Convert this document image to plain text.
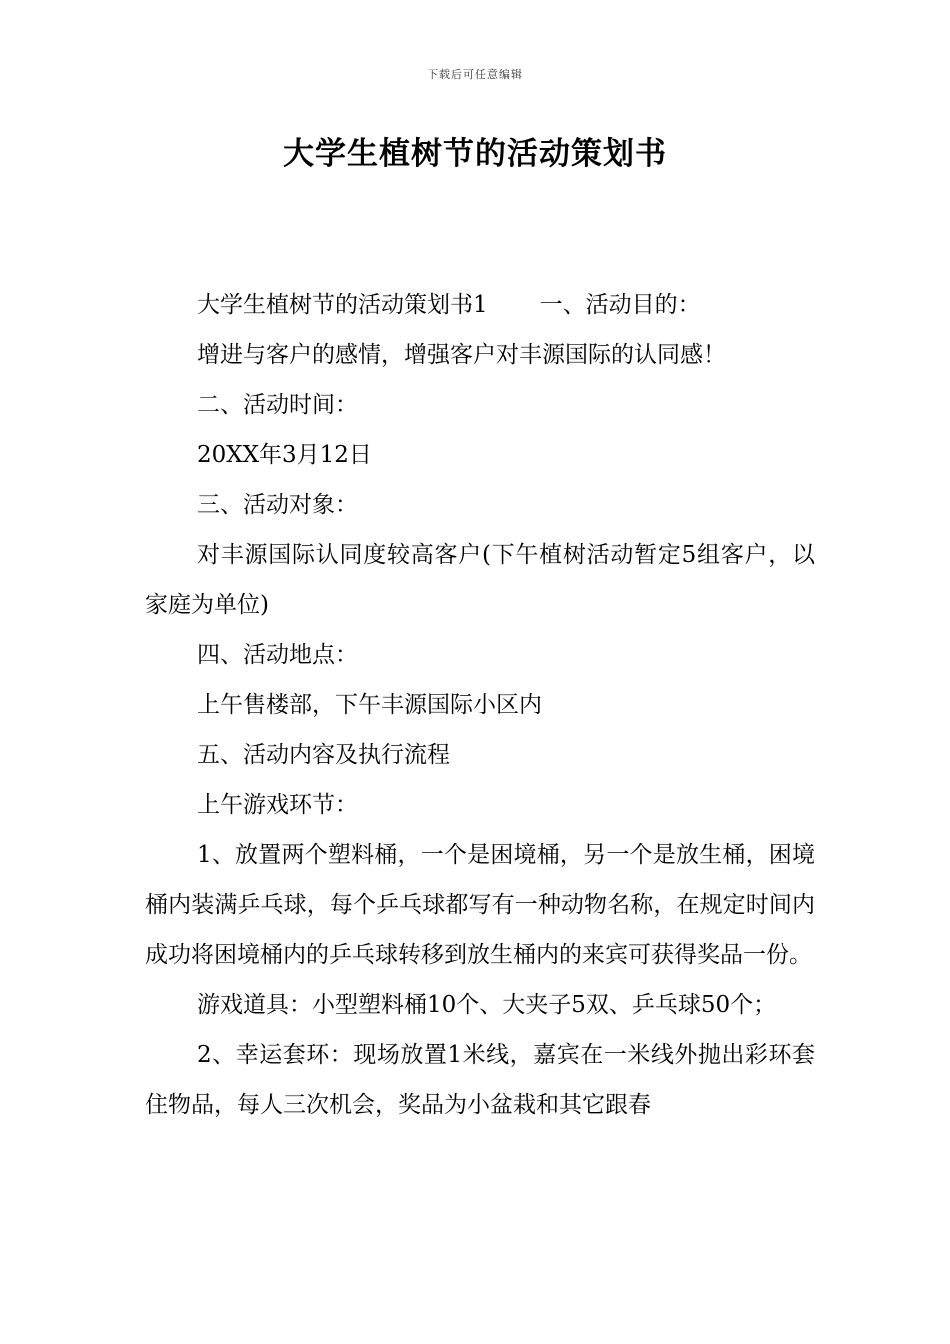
下载后可任意编辑
大学生植树节的活动策划书

大学生植树节的活动策划书1 一、活动目的：

增进与客户的感情，增强客户对丰源国际的认同感！

二、活动时间：

20XX年3月12日

三、活动对象：

对丰源国际认同度较高客户(下午植树活动暂定5组客户，以家庭为单位)

四、活动地点：

上午售楼部，下午丰源国际小区内

五、活动内容及执行流程

上午游戏环节：

1、放置两个塑料桶，一个是困境桶，另一个是放生桶，困境桶内装满乒乓球，每个乒乓球都写有一种动物名称，在规定时间内成功将困境桶内的乒乓球转移到放生桶内的来宾可获得奖品一份。

游戏道具：小型塑料桶10个、大夹子5双、乒乓球50个；

2、幸运套环：现场放置1米线，嘉宾在一米线外抛出彩环套住物品，每人三次机会，奖品为小盆栽和其它跟春
